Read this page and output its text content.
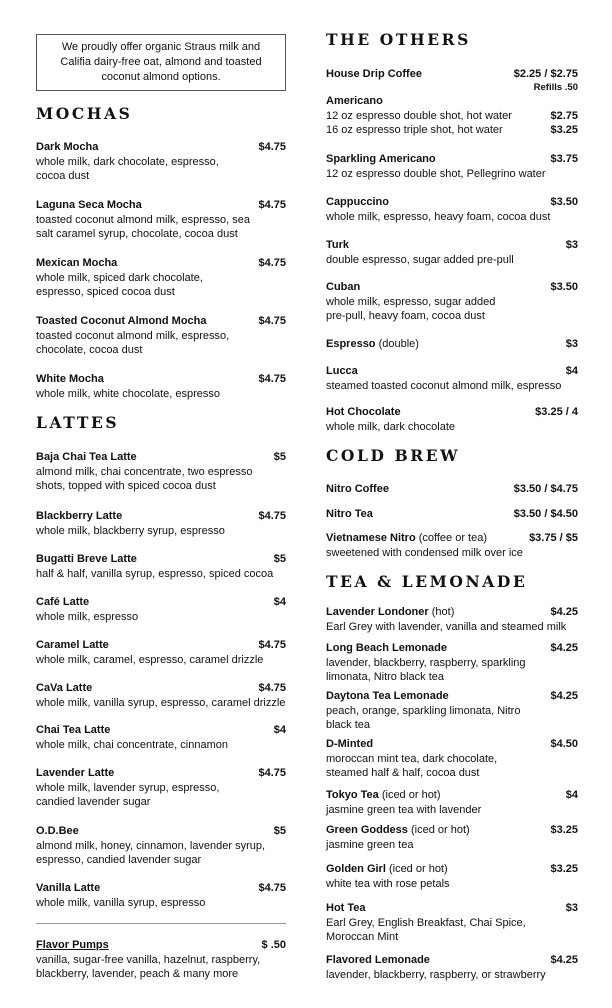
We proudly offer organic Straus milk and Califia dairy-free oat, almond and toasted coconut almond options.
MOCHAS
Dark Mocha	$4.75
whole milk, dark chocolate, espresso, cocoa dust
Laguna Seca Mocha	$4.75
toasted coconut almond milk, espresso, sea salt caramel syrup, chocolate, cocoa dust
Mexican Mocha	$4.75
whole milk, spiced dark chocolate, espresso, spiced cocoa dust
Toasted Coconut Almond Mocha	$4.75
toasted coconut almond milk, espresso, chocolate, cocoa dust
White Mocha	$4.75
whole milk, white chocolate, espresso
LATTES
Baja Chai Tea Latte	$5
almond milk, chai concentrate, two espresso shots, topped with spiced cocoa dust
Blackberry Latte	$4.75
whole milk, blackberry syrup, espresso
Bugatti Breve Latte	$5
half & half, vanilla syrup, espresso, spiced cocoa
Café Latte	$4
whole milk, espresso
Caramel Latte	$4.75
whole milk, caramel, espresso, caramel drizzle
CaVa Latte	$4.75
whole milk, vanilla syrup, espresso, caramel drizzle
Chai Tea Latte	$4
whole milk, chai concentrate, cinnamon
Lavender Latte	$4.75
whole milk, lavender syrup, espresso, candied lavender sugar
O.D.Bee	$5
almond milk, honey, cinnamon, lavender syrup, espresso, candied lavender sugar
Vanilla Latte	$4.75
whole milk, vanilla syrup, espresso
Flavor Pumps	$ .50
vanilla, sugar-free vanilla, hazelnut, raspberry, blackberry, lavender, peach & many more
THE OTHERS
House Drip Coffee	$2.25 / $2.75
Refills .50
Americano
12 oz espresso double shot, hot water	$2.75
16 oz espresso triple shot, hot water	$3.25
Sparkling Americano	$3.75
12 oz espresso double shot, Pellegrino water
Cappuccino	$3.50
whole milk, espresso, heavy foam, cocoa dust
Turk	$3
double espresso, sugar added pre-pull
Cuban	$3.50
whole milk, espresso, sugar added pre-pull, heavy foam, cocoa dust
Espresso (double)	$3
Lucca	$4
steamed toasted coconut almond milk, espresso
Hot Chocolate	$3.25 / 4
whole milk, dark chocolate
COLD BREW
Nitro Coffee	$3.50 / $4.75
Nitro Tea	$3.50 / $4.50
Vietnamese Nitro (coffee or tea)	$3.75 / $5
sweetened with condensed milk over ice
TEA & LEMONADE
Lavender Londoner (hot)	$4.25
Earl Grey with lavender, vanilla and steamed milk
Long Beach Lemonade	$4.25
lavender, blackberry, raspberry, sparkling limonata, Nitro black tea
Daytona Tea Lemonade	$4.25
peach, orange, sparkling limonata, Nitro black tea
D-Minted	$4.50
moroccan mint tea, dark chocolate, steamed half & half, cocoa dust
Tokyo Tea (iced or hot)	$4
jasmine green tea with lavender
Green Goddess (iced or hot)	$3.25
jasmine green tea
Golden Girl (iced or hot)	$3.25
white tea with rose petals
Hot Tea	$3
Earl Grey, English Breakfast, Chai Spice, Moroccan Mint
Flavored Lemonade	$4.25
lavender, blackberry, raspberry, or strawberry
